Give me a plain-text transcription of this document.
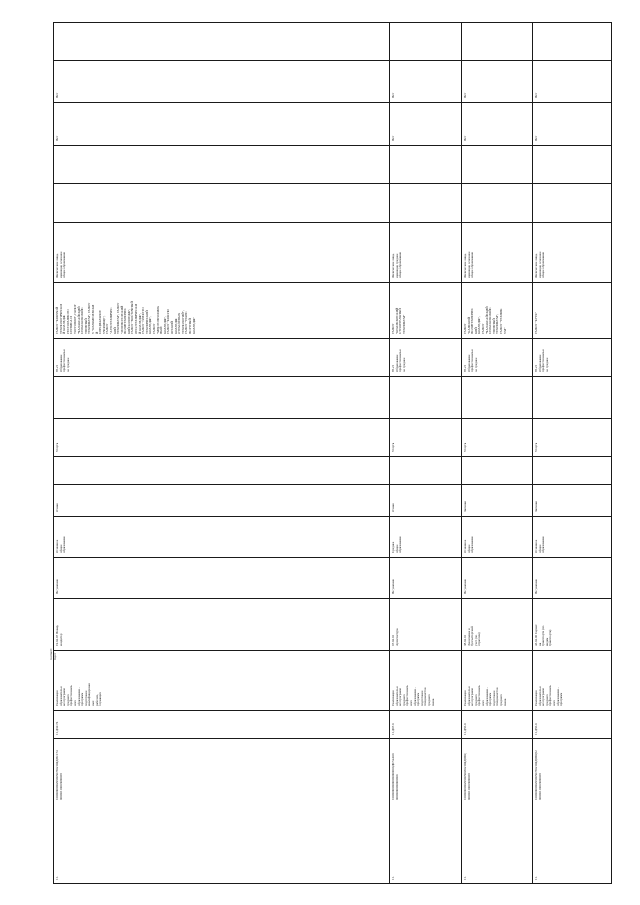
соответс
твует
11.
1000000000296005073021ЩД3Б/174
00000110003090005
11.Д32/74
Реализация
образовательн
ых программ
среднего
профессиональ
ного
образования -
программ
подготовки
квалифицирован
ных
рабочих,
служащих
19.02.07 Повар,
кондитер
Не указано
Основное
общее
образование
Очная
Услуга
85.21
Образование
профессиональн
ое среднее
ГАПОУ "КРАЕВОЙ
ТЕХНОЛОГИЧЕСКИ
Й КОЛЛЕДЖ
РЕСТОРАННОГО
СЕРВИСА И
ТОРГОВЛИ", ГАПОУ
"ЧАЛАКСАЙСКИЙ
СЕЛЬСКОХОЗЯЙС
ТВЕННЫЙ
ТЕХНИКУМ", ГАПОУ
У "КЕЛЬМЕЗЕВСКИ
Й
СПЕЦИАЛЬНОЕ
УЧИЛИЩЕ",
ГАПОУ
"АГРОТЕХНИЧЕС
КИЙ
ТЕХНИКУМ", ГАПОУ
"ЗЕЛЕНОГОРСКИЙ
ПОЛИТЕХНИЧЕС
КИЙ КОЛЛЕДЖ",
ГАПОУ "ВОСТОЧНЫЙ
ЛЕСОТЕХНИЧЕСКИ
Й КОЛЛЕДЖ",
ГАПОУ "ЭЛЕКТРО
ТЕХНИЧЕСКИЙ
КОЛЛЕДЖ",
ГАПОУ
"МНОГОПРОФИЛЬ
НЫЙ
КОЛЛЕДЖ",
ГАПОУ "КРАСНО
ЯРСКИЙ
КОЛЛЕДЖ
ОТРАСЛЕВЫХ
ТЕХНОЛОГИЙ",
ГАПОУ "ТРАНС
ПОРТНЫЙ
КОЛЛЕДЖ"
Физические лица,
имеющие основное
общее образование
Нет
Нет
11.
100000000000000000000Д07АА00
0000000000000000
11.Д07.0
Реализация
образовательн
ых программ
среднего
профессиональ
ного
образования -
программ
подготовки
специалистов
среднего
звена
07.02.01
Архитектура
Не указано
Среднее
общее
образование
Очная
Услуга
85.21
Образование
профессиональн
ое среднее
ГАПОУ
"КРАСНОЯРСКИЙ
СТРОИТЕЛЬНЫЙ
ТЕХНИКУМ"
Физические лица,
имеющие среднее
общее образование
Нет
Нет
11.
1000000000296005003021ЩД6ВЦ
00000110003090005
11.Д56.0
Реализация
образовательн
ых программ
среднего
профессиональ
ного
образования -
программ
подготовки
специалистов
среднего
звена
38.02.01
Экономика и
бухгалтерский
учет (по
отраслям)
Не указано
Основное
общее
образование
Заочная
Услуга
85.21
Образование
профессиональн
ое среднее
ГАПОУ
"КАНСКИЙ
ПОЛИТЕХНИЧЕС
КИЙ
КОЛЛЕДЖ",
ГАПОУ
"ЧАЛАКСАЙСКИЙ
СЕЛЬСКОХОЗЯЙС
ТВЕННЫЙ
ТЕХНИКУМ",
ГАПОУ "ТЕХНИК
УМ"
Физические лица,
имеющие основное
общее образование
Нет
Нет
11.
1000000000296005073021ЩД6ВЦ52
00000110003090005
11.Д56.0
Реализация
образовательн
ых программ
среднего
профессиональ
ного
образования -
программ
43.02.06 Сервис
на
транспорте (по
видам
транспорта)
Не указано
Основное
общее
образование
Заочная
Услуга
85.21
Образование
профессиональн
ое среднее
ГАПОУ "КГТК"
Физические лица,
имеющие основное
общее образование
Нет
Нет
